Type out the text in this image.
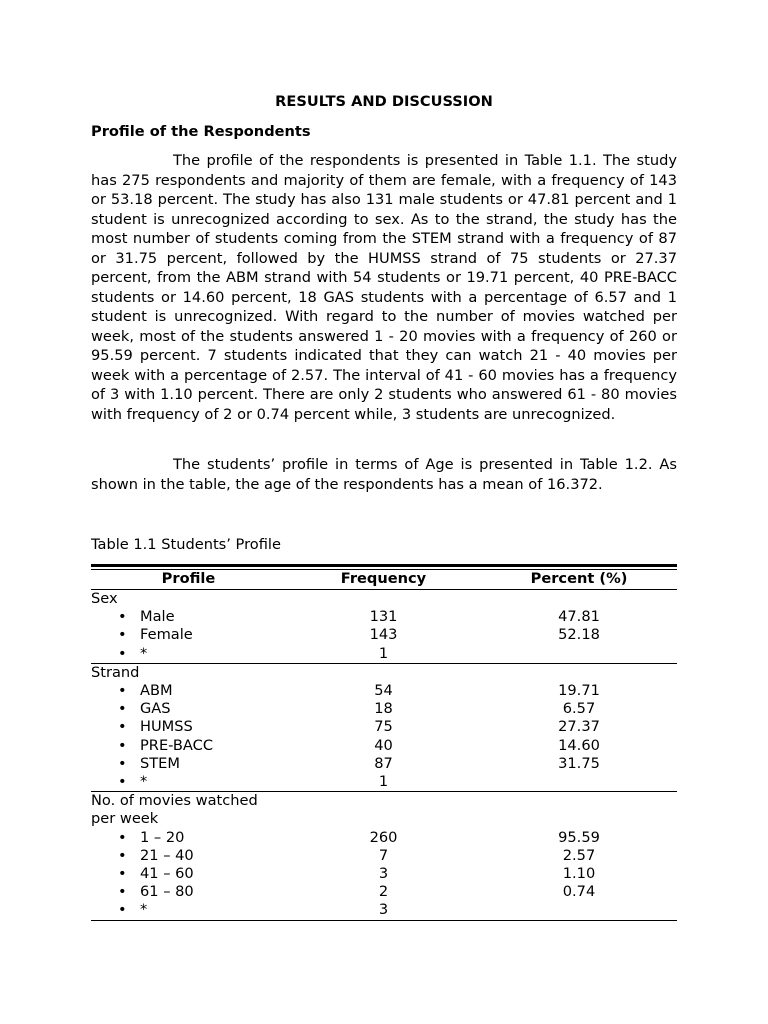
RESULTS AND DISCUSSION
Profile of the Respondents

The profile of the respondents is presented in Table 1.1. The study has 275 respondents and majority of them are female, with a frequency of 143 or 53.18 percent. The study has also 131 male students or 47.81 percent and 1 student is unrecognized according to sex. As to the strand, the study has the most number of students coming from the STEM strand with a frequency of 87 or 31.75 percent, followed by the HUMSS strand of 75 students or 27.37 percent, from the ABM strand with 54 students or 19.71 percent, 40 PRE-BACC students or 14.60 percent, 18 GAS students with a percentage of 6.57 and 1 student is unrecognized. With regard to the number of movies watched per week, most of the students answered 1 - 20 movies with a frequency of 260 or 95.59 percent. 7 students indicated that they can watch 21 - 40 movies per week with a percentage of 2.57. The interval of 41 - 60 movies has a frequency of 3 with 1.10 percent. There are only 2 students who answered 61 - 80 movies with frequency of 2 or 0.74 percent while, 3 students are unrecognized.

The students’ profile in terms of Age is presented in Table 1.2. As shown in the table, the age of the respondents has a mean of 16.372.

Table 1.1 Students’ Profile
Profile	Frequency	Percent (%)
Sex		
• Male	131	47.81
• Female	143	52.18
• *	1	
Strand		
• ABM	54	19.71
• GAS	18	6.57
• HUMSS	75	27.37
• PRE-BACC	40	14.60
• STEM	87	31.75
• *	1	
No. of movies watched		
per week		
• 1 – 20	260	95.59
• 21 – 40	7	2.57
• 41 – 60	3	1.10
• 61 – 80	2	0.74
• *	3	
